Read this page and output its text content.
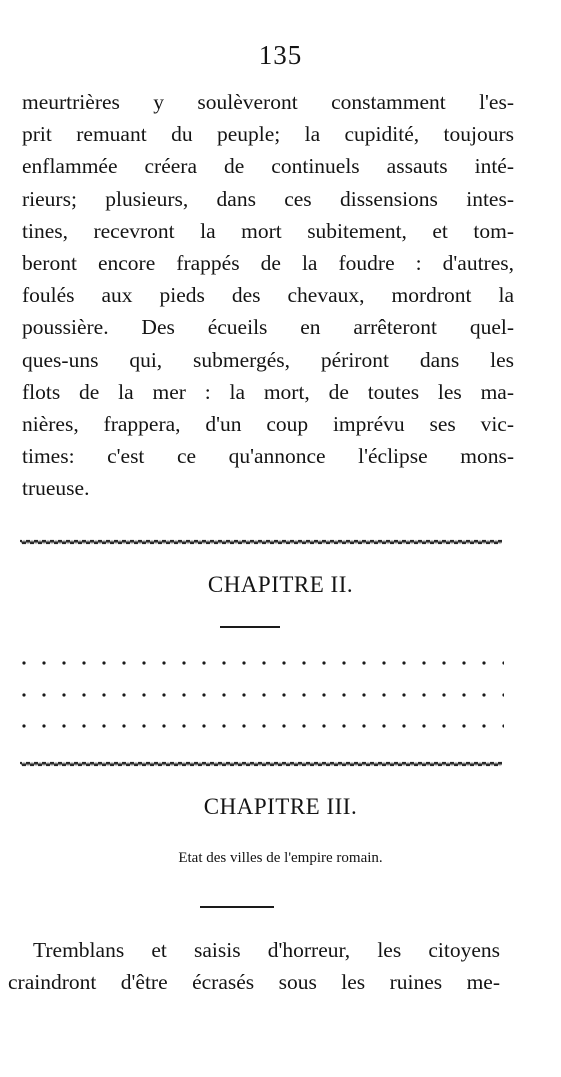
135
meurtrières y soulèveront constamment l'es-
prit remuant du peuple; la cupidité, toujours
enflammée créera de continuels assauts inté-
rieurs; plusieurs, dans ces dissensions intes-
tines, recevront la mort subitement, et tom-
beront encore frappés de la foudre : d'autres,
foulés aux pieds des chevaux, mordront la
poussière. Des écueils en arrêteront quel-
ques-uns qui, submergés, périront dans les
flots de la mer : la mort, de toutes les ma-
nières, frappera, d'un coup imprévu ses vic-
times: c'est ce qu'annonce l'éclipse mons-
trueuse.
CHAPITRE II.
CHAPITRE III.
Etat des villes de l'empire romain.
Tremblans et saisis d'horreur, les citoyens
craindront d'être écrasés sous les ruines me-
